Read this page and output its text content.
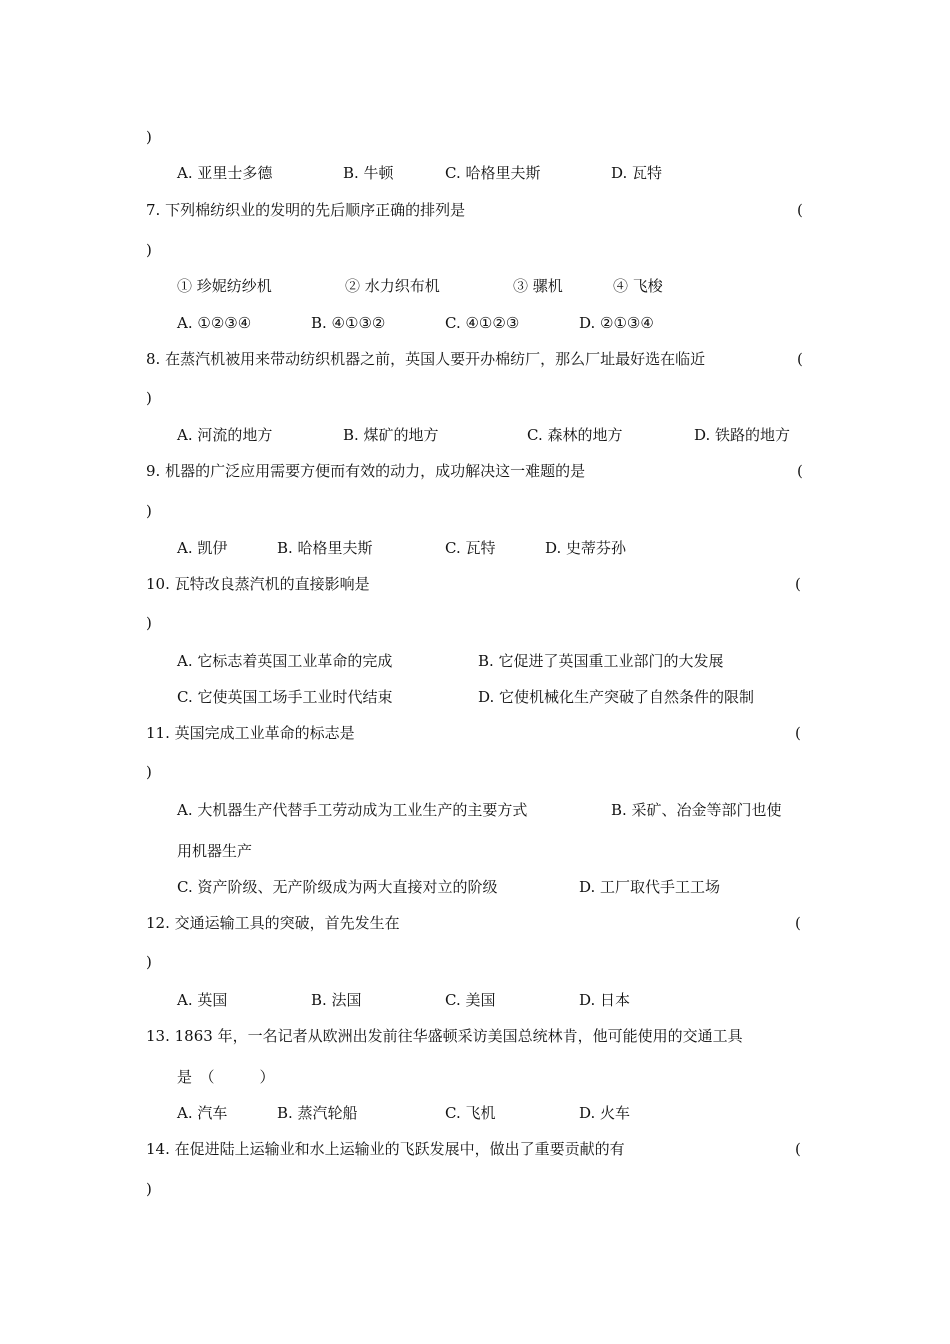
)
A. 亚里士多德	B. 牛顿	C. 哈格里夫斯	D. 瓦特
7. 下列棉纺织业的发明的先后顺序正确的排列是	(
)
① 珍妮纺纱机	② 水力织布机	③ 骡机	④ 飞梭
A. ①②③④	B. ④①③②	C. ④①②③	D. ②①③④
8. 在蒸汽机被用来带动纺织机器之前，英国人要开办棉纺厂，那么厂址最好选在临近	(
)
A. 河流的地方	B. 煤矿的地方	C. 森林的地方	D. 铁路的地方
9. 机器的广泛应用需要方便而有效的动力，成功解决这一难题的是	(
)
A. 凯伊	B. 哈格里夫斯	C. 瓦特	D. 史蒂芬孙
10. 瓦特改良蒸汽机的直接影响是	(
)
A. 它标志着英国工业革命的完成	B. 它促进了英国重工业部门的大发展
C. 它使英国工场手工业时代结束	D. 它使机械化生产突破了自然条件的限制
11. 英国完成工业革命的标志是	(
)
A. 大机器生产代替手工劳动成为工业生产的主要方式	B. 采矿、冶金等部门也使
用机器生产
C. 资产阶级、无产阶级成为两大直接对立的阶级	D. 工厂取代手工工场
12. 交通运输工具的突破，首先发生在	(
)
A. 英国	B. 法国	C. 美国	D. 日本
13. 1863 年，一名记者从欧洲出发前往华盛顿采访美国总统林肯，他可能使用的交通工具
是　（　　　）
A. 汽车	B. 蒸汽轮船	C. 飞机	D. 火车
14. 在促进陆上运输业和水上运输业的飞跃发展中，做出了重要贡献的有	(
)
